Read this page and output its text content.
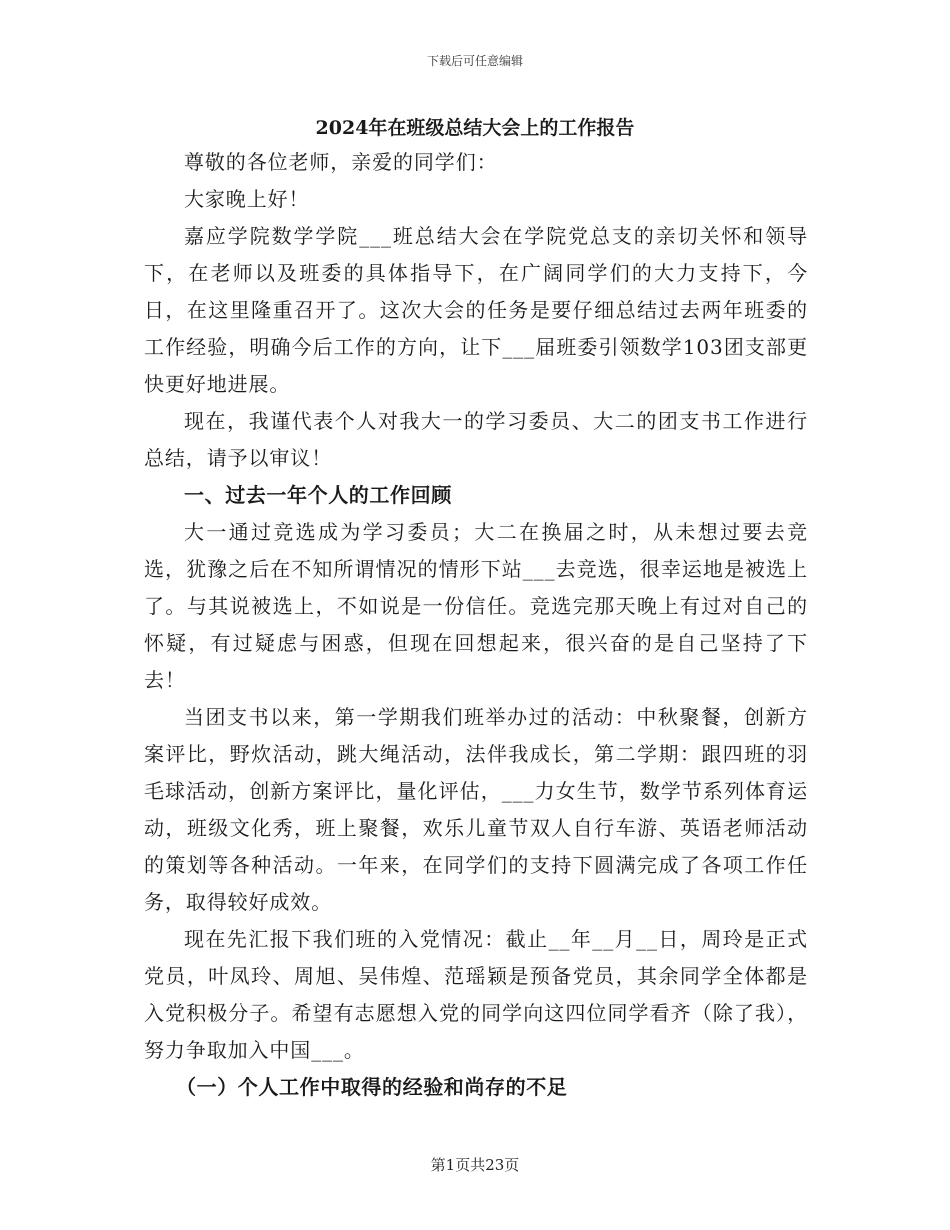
下载后可任意编辑
2024年在班级总结大会上的工作报告

尊敬的各位老师，亲爱的同学们：

大家晚上好！

嘉应学院数学学院___班总结大会在学院党总支的亲切关怀和领导下，在老师以及班委的具体指导下，在广阔同学们的大力支持下，今日，在这里隆重召开了。这次大会的任务是要仔细总结过去两年班委的工作经验，明确今后工作的方向，让下___届班委引领数学103团支部更快更好地进展。

现在，我谨代表个人对我大一的学习委员、大二的团支书工作进行总结，请予以审议！

一、过去一年个人的工作回顾

大一通过竞选成为学习委员；大二在换届之时，从未想过要去竞选，犹豫之后在不知所谓情况的情形下站___去竞选，很幸运地是被选上了。与其说被选上，不如说是一份信任。竞选完那天晚上有过对自己的怀疑，有过疑虑与困惑，但现在回想起来，很兴奋的是自己坚持了下去！

当团支书以来，第一学期我们班举办过的活动：中秋聚餐，创新方案评比，野炊活动，跳大绳活动，法伴我成长，第二学期：跟四班的羽毛球活动，创新方案评比，量化评估，___力女生节，数学节系列体育运动，班级文化秀，班上聚餐，欢乐儿童节双人自行车游、英语老师活动的策划等各种活动。一年来，在同学们的支持下圆满完成了各项工作任务，取得较好成效。

现在先汇报下我们班的入党情况：截止__年__月__日，周玲是正式党员，叶凤玲、周旭、吴伟煌、范瑶颖是预备党员，其余同学全体都是入党积极分子。希望有志愿想入党的同学向这四位同学看齐（除了我），努力争取加入中国___。

（一）个人工作中取得的经验和尚存的不足

第1页共23页
